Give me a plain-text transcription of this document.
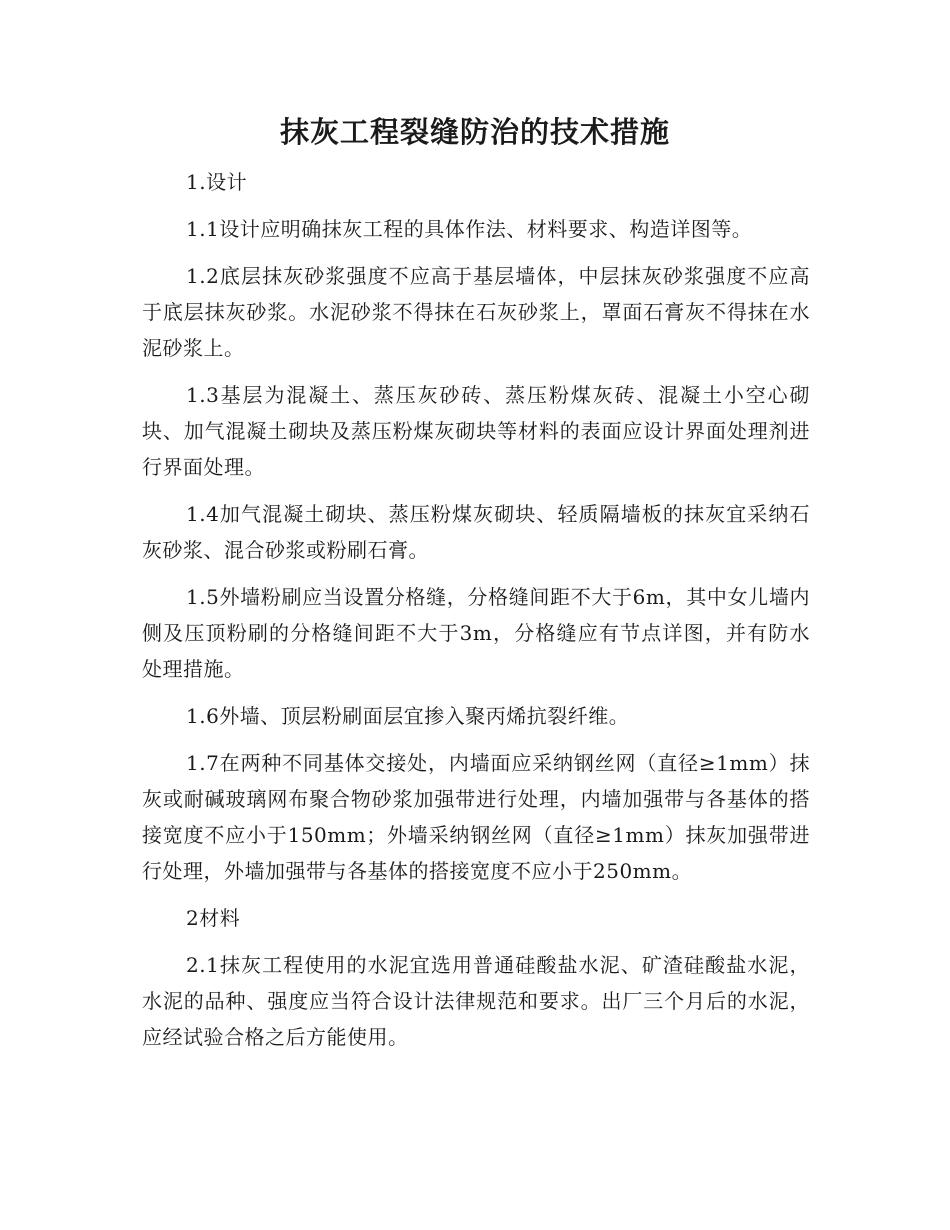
抹灰工程裂缝防治的技术措施

1.设计

1.1设计应明确抹灰工程的具体作法、材料要求、构造详图等。

1.2底层抹灰砂浆强度不应高于基层墙体，中层抹灰砂浆强度不应高于底层抹灰砂浆。水泥砂浆不得抹在石灰砂浆上，罩面石膏灰不得抹在水泥砂浆上。

1.3基层为混凝土、蒸压灰砂砖、蒸压粉煤灰砖、混凝土小空心砌块、加气混凝土砌块及蒸压粉煤灰砌块等材料的表面应设计界面处理剂进行界面处理。

1.4加气混凝土砌块、蒸压粉煤灰砌块、轻质隔墙板的抹灰宜采纳石灰砂浆、混合砂浆或粉刷石膏。

1.5外墙粉刷应当设置分格缝，分格缝间距不大于6m，其中女儿墙内侧及压顶粉刷的分格缝间距不大于3m，分格缝应有节点详图，并有防水处理措施。

1.6外墙、顶层粉刷面层宜掺入聚丙烯抗裂纤维。

1.7在两种不同基体交接处，内墙面应采纳钢丝网（直径≥1mm）抹灰或耐碱玻璃网布聚合物砂浆加强带进行处理，内墙加强带与各基体的搭接宽度不应小于150mm；外墙采纳钢丝网（直径≥1mm）抹灰加强带进行处理，外墙加强带与各基体的搭接宽度不应小于250mm。

2材料

2.1抹灰工程使用的水泥宜选用普通硅酸盐水泥、矿渣硅酸盐水泥，水泥的品种、强度应当符合设计法律规范和要求。出厂三个月后的水泥，应经试验合格之后方能使用。
